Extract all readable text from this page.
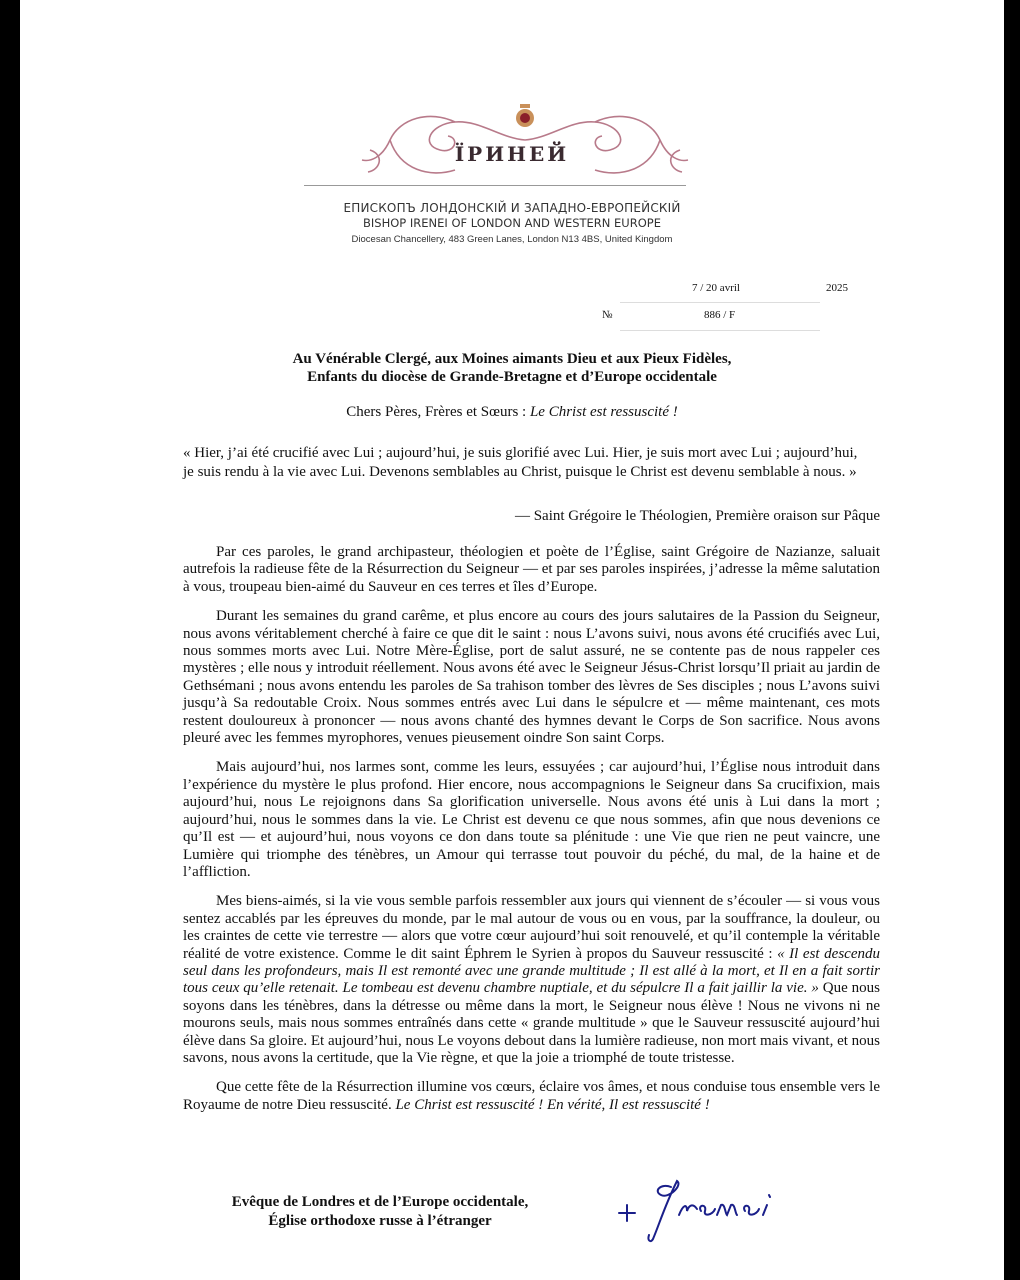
ЇРИНЕЙ
ЕПИСКОПЪ ЛОНДОНСКІЙ И ЗАПАДНО-ЕВРОПЕЙСКІЙ
BISHOP IRENEI OF LONDON AND WESTERN EUROPE
Diocesan Chancellery, 483 Green Lanes, London N13 4BS, United Kingdom
7 / 20 avril	2025
№	886 / F
Au Vénérable Clergé, aux Moines aimants Dieu et aux Pieux Fidèles,
Enfants du diocèse de Grande-Bretagne et d’Europe occidentale
Chers Pères, Frères et Sœurs : Le Christ est ressuscité !
« Hier, j’ai été crucifié avec Lui ; aujourd’hui, je suis glorifié avec Lui. Hier, je suis mort avec Lui ; aujourd’hui, je suis rendu à la vie avec Lui. Devenons semblables au Christ, puisque le Christ est devenu semblable à nous. »
— Saint Grégoire le Théologien, Première oraison sur Pâque

Par ces paroles, le grand archipasteur, théologien et poète de l’Église, saint Grégoire de Nazianze, saluait autrefois la radieuse fête de la Résurrection du Seigneur — et par ses paroles inspirées, j’adresse la même salutation à vous, troupeau bien-aimé du Sauveur en ces terres et îles d’Europe.

Durant les semaines du grand carême, et plus encore au cours des jours salutaires de la Passion du Seigneur, nous avons véritablement cherché à faire ce que dit le saint : nous L’avons suivi, nous avons été crucifiés avec Lui, nous sommes morts avec Lui. Notre Mère-Église, port de salut assuré, ne se contente pas de nous rappeler ces mystères ; elle nous y introduit réellement. Nous avons été avec le Seigneur Jésus-Christ lorsqu’Il priait au jardin de Gethsémani ; nous avons entendu les paroles de Sa trahison tomber des lèvres de Ses disciples ; nous L’avons suivi jusqu’à Sa redoutable Croix. Nous sommes entrés avec Lui dans le sépulcre et — même maintenant, ces mots restent douloureux à prononcer — nous avons chanté des hymnes devant le Corps de Son sacrifice. Nous avons pleuré avec les femmes myrophores, venues pieusement oindre Son saint Corps.

Mais aujourd’hui, nos larmes sont, comme les leurs, essuyées ; car aujourd’hui, l’Église nous introduit dans l’expérience du mystère le plus profond. Hier encore, nous accompagnions le Seigneur dans Sa crucifixion, mais aujourd’hui, nous Le rejoignons dans Sa glorification universelle. Nous avons été unis à Lui dans la mort ; aujourd’hui, nous le sommes dans la vie. Le Christ est devenu ce que nous sommes, afin que nous devenions ce qu’Il est — et aujourd’hui, nous voyons ce don dans toute sa plénitude : une Vie que rien ne peut vaincre, une Lumière qui triomphe des ténèbres, un Amour qui terrasse tout pouvoir du péché, du mal, de la haine et de l’affliction.

Mes biens-aimés, si la vie vous semble parfois ressembler aux jours qui viennent de s’écouler — si vous vous sentez accablés par les épreuves du monde, par le mal autour de vous ou en vous, par la souffrance, la douleur, ou les craintes de cette vie terrestre — alors que votre cœur aujourd’hui soit renouvelé, et qu’il contemple la véritable réalité de votre existence. Comme le dit saint Éphrem le Syrien à propos du Sauveur ressuscité : « Il est descendu seul dans les profondeurs, mais Il est remonté avec une grande multitude ; Il est allé à la mort, et Il en a fait sortir tous ceux qu’elle retenait. Le tombeau est devenu chambre nuptiale, et du sépulcre Il a fait jaillir la vie. » Que nous soyons dans les ténèbres, dans la détresse ou même dans la mort, le Seigneur nous élève ! Nous ne vivons ni ne mourons seuls, mais nous sommes entraînés dans cette « grande multitude » que le Sauveur ressuscité aujourd’hui élève dans Sa gloire. Et aujourd’hui, nous Le voyons debout dans la lumière radieuse, non mort mais vivant, et nous savons, nous avons la certitude, que la Vie règne, et que la joie a triomphé de toute tristesse.

Que cette fête de la Résurrection illumine vos cœurs, éclaire vos âmes, et nous conduise tous ensemble vers le Royaume de notre Dieu ressuscité. Le Christ est ressuscité ! En vérité, Il est ressuscité !

Evêque de Londres et de l’Europe occidentale,
Église orthodoxe russe à l’étranger
